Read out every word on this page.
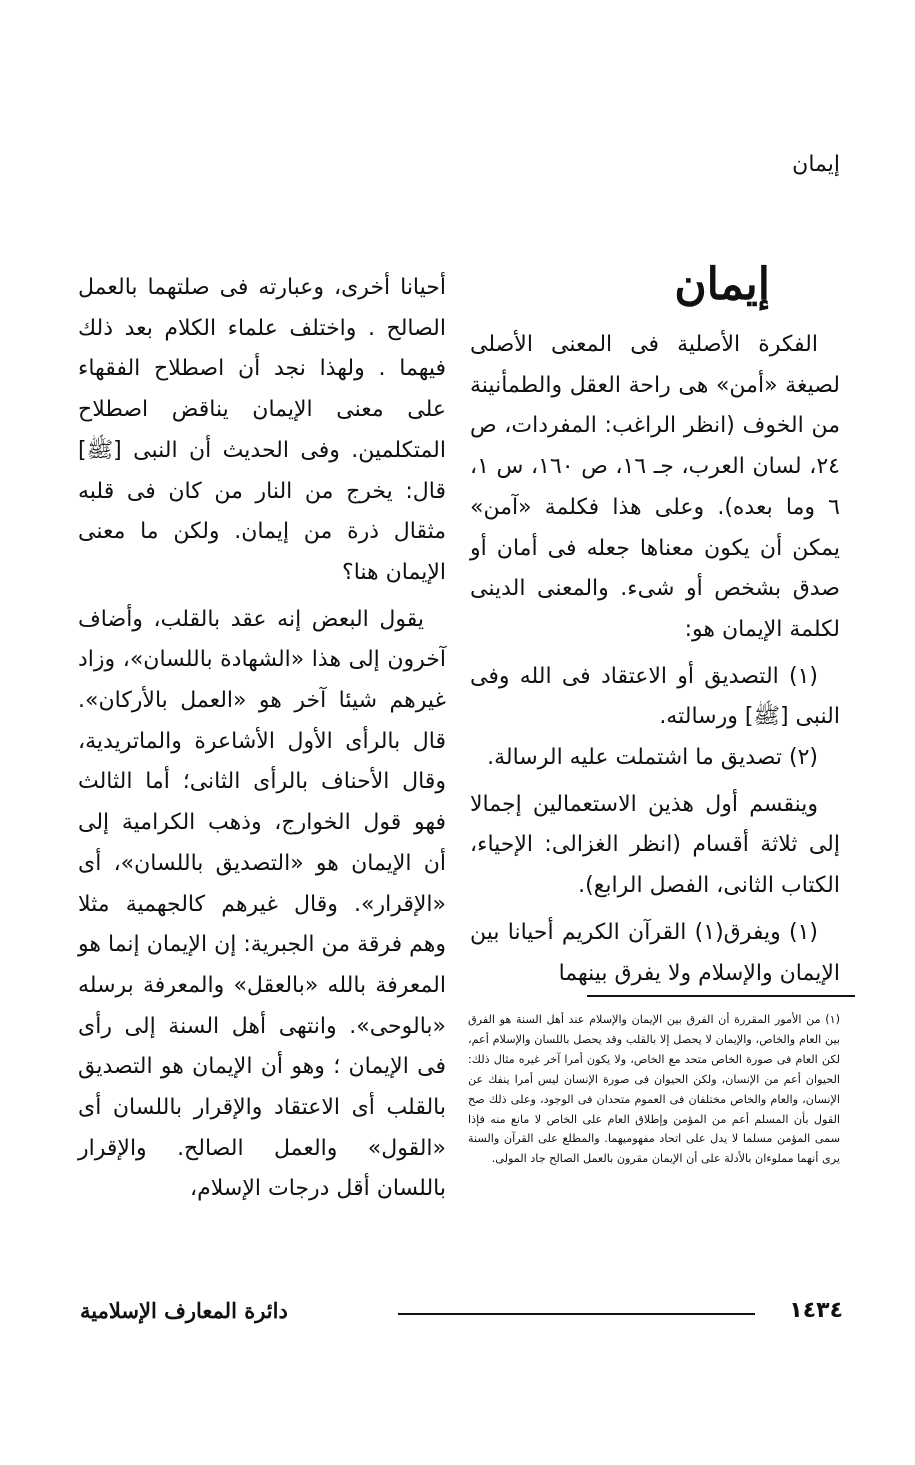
إيمان
إيمان

الفكرة الأصلية فى المعنى الأصلى لصيغة «أمن» هى راحة العقل والطمأنينة من الخوف (انظر الراغب: المفردات، ص ٢٤، لسان العرب، جـ ١٦، ص ١٦٠، س ١، ٦ وما بعده). وعلى هذا فكلمة «آمن» يمكن أن يكون معناها جعله فى أمان أو صدق بشخص أو شىء. والمعنى الدينى لكلمة الإيمان هو:

(١) التصديق أو الاعتقاد فى الله وفى النبى [ﷺ] ورسالته.

(٢) تصديق ما اشتملت عليه الرسالة.

وينقسم أول هذين الاستعمالين إجمالا إلى ثلاثة أقسام (انظر الغزالى: الإحياء، الكتاب الثانى، الفصل الرابع).

(١) ويفرق(١) القرآن الكريم أحيانا بين الإيمان والإسلام ولا يفرق بينهما

أحيانا أخرى، وعبارته فى صلتهما بالعمل الصالح . واختلف علماء الكلام بعد ذلك فيهما . ولهذا نجد أن اصطلاح الفقهاء على معنى الإيمان يناقض اصطلاح المتكلمين. وفى الحديث أن النبى [ﷺ] قال: يخرج من النار من كان فى قلبه مثقال ذرة من إيمان. ولكن ما معنى الإيمان هنا؟

يقول البعض إنه عقد بالقلب، وأضاف آخرون إلى هذا «الشهادة باللسان»، وزاد غيرهم شيئا آخر هو «العمل بالأركان». قال بالرأى الأول الأشاعرة والماتريدية، وقال الأحناف بالرأى الثانى؛ أما الثالث فهو قول الخوارج، وذهب الكرامية إلى أن الإيمان هو «التصديق باللسان»، أى «الإقرار». وقال غيرهم كالجهمية مثلا وهم فرقة من الجبرية: إن الإيمان إنما هو المعرفة بالله «بالعقل» والمعرفة برسله «بالوحى». وانتهى أهل السنة إلى رأى فى الإيمان ؛ وهو أن الإيمان هو التصديق بالقلب أى الاعتقاد والإقرار باللسان أى «القول» والعمل الصالح. والإقرار باللسان أقل درجات الإسلام،

(١) من الأمور المقررة أن الفرق بين الإيمان والإسلام عند أهل السنة هو الفرق بين العام والخاص، والإيمان لا يحصل إلا بالقلب وقد يحصل باللسان والإسلام أعم، لكن العام فى صورة الخاص متحد مع الخاص، ولا يكون أمرا آخر غيره مثال ذلك: الحيوان أعم من الإنسان، ولكن الحيوان فى صورة الإنسان ليس أمرا ينفك عن الإنسان، والعام والخاص مختلفان فى العموم متحدان فى الوجود، وعلى ذلك صح القول بأن المسلم أعم من المؤمن وإطلاق العام على الخاص لا مانع منه فإذا سمى المؤمن مسلما لا يدل على اتحاد مفهوميهما. والمطلع على القرآن والسنة يرى أنهما مملوءان بالأدلة على أن الإيمان مقرون بالعمل الصالح جاد المولى.

١٤٣٤
دائرة المعارف الإسلامية
